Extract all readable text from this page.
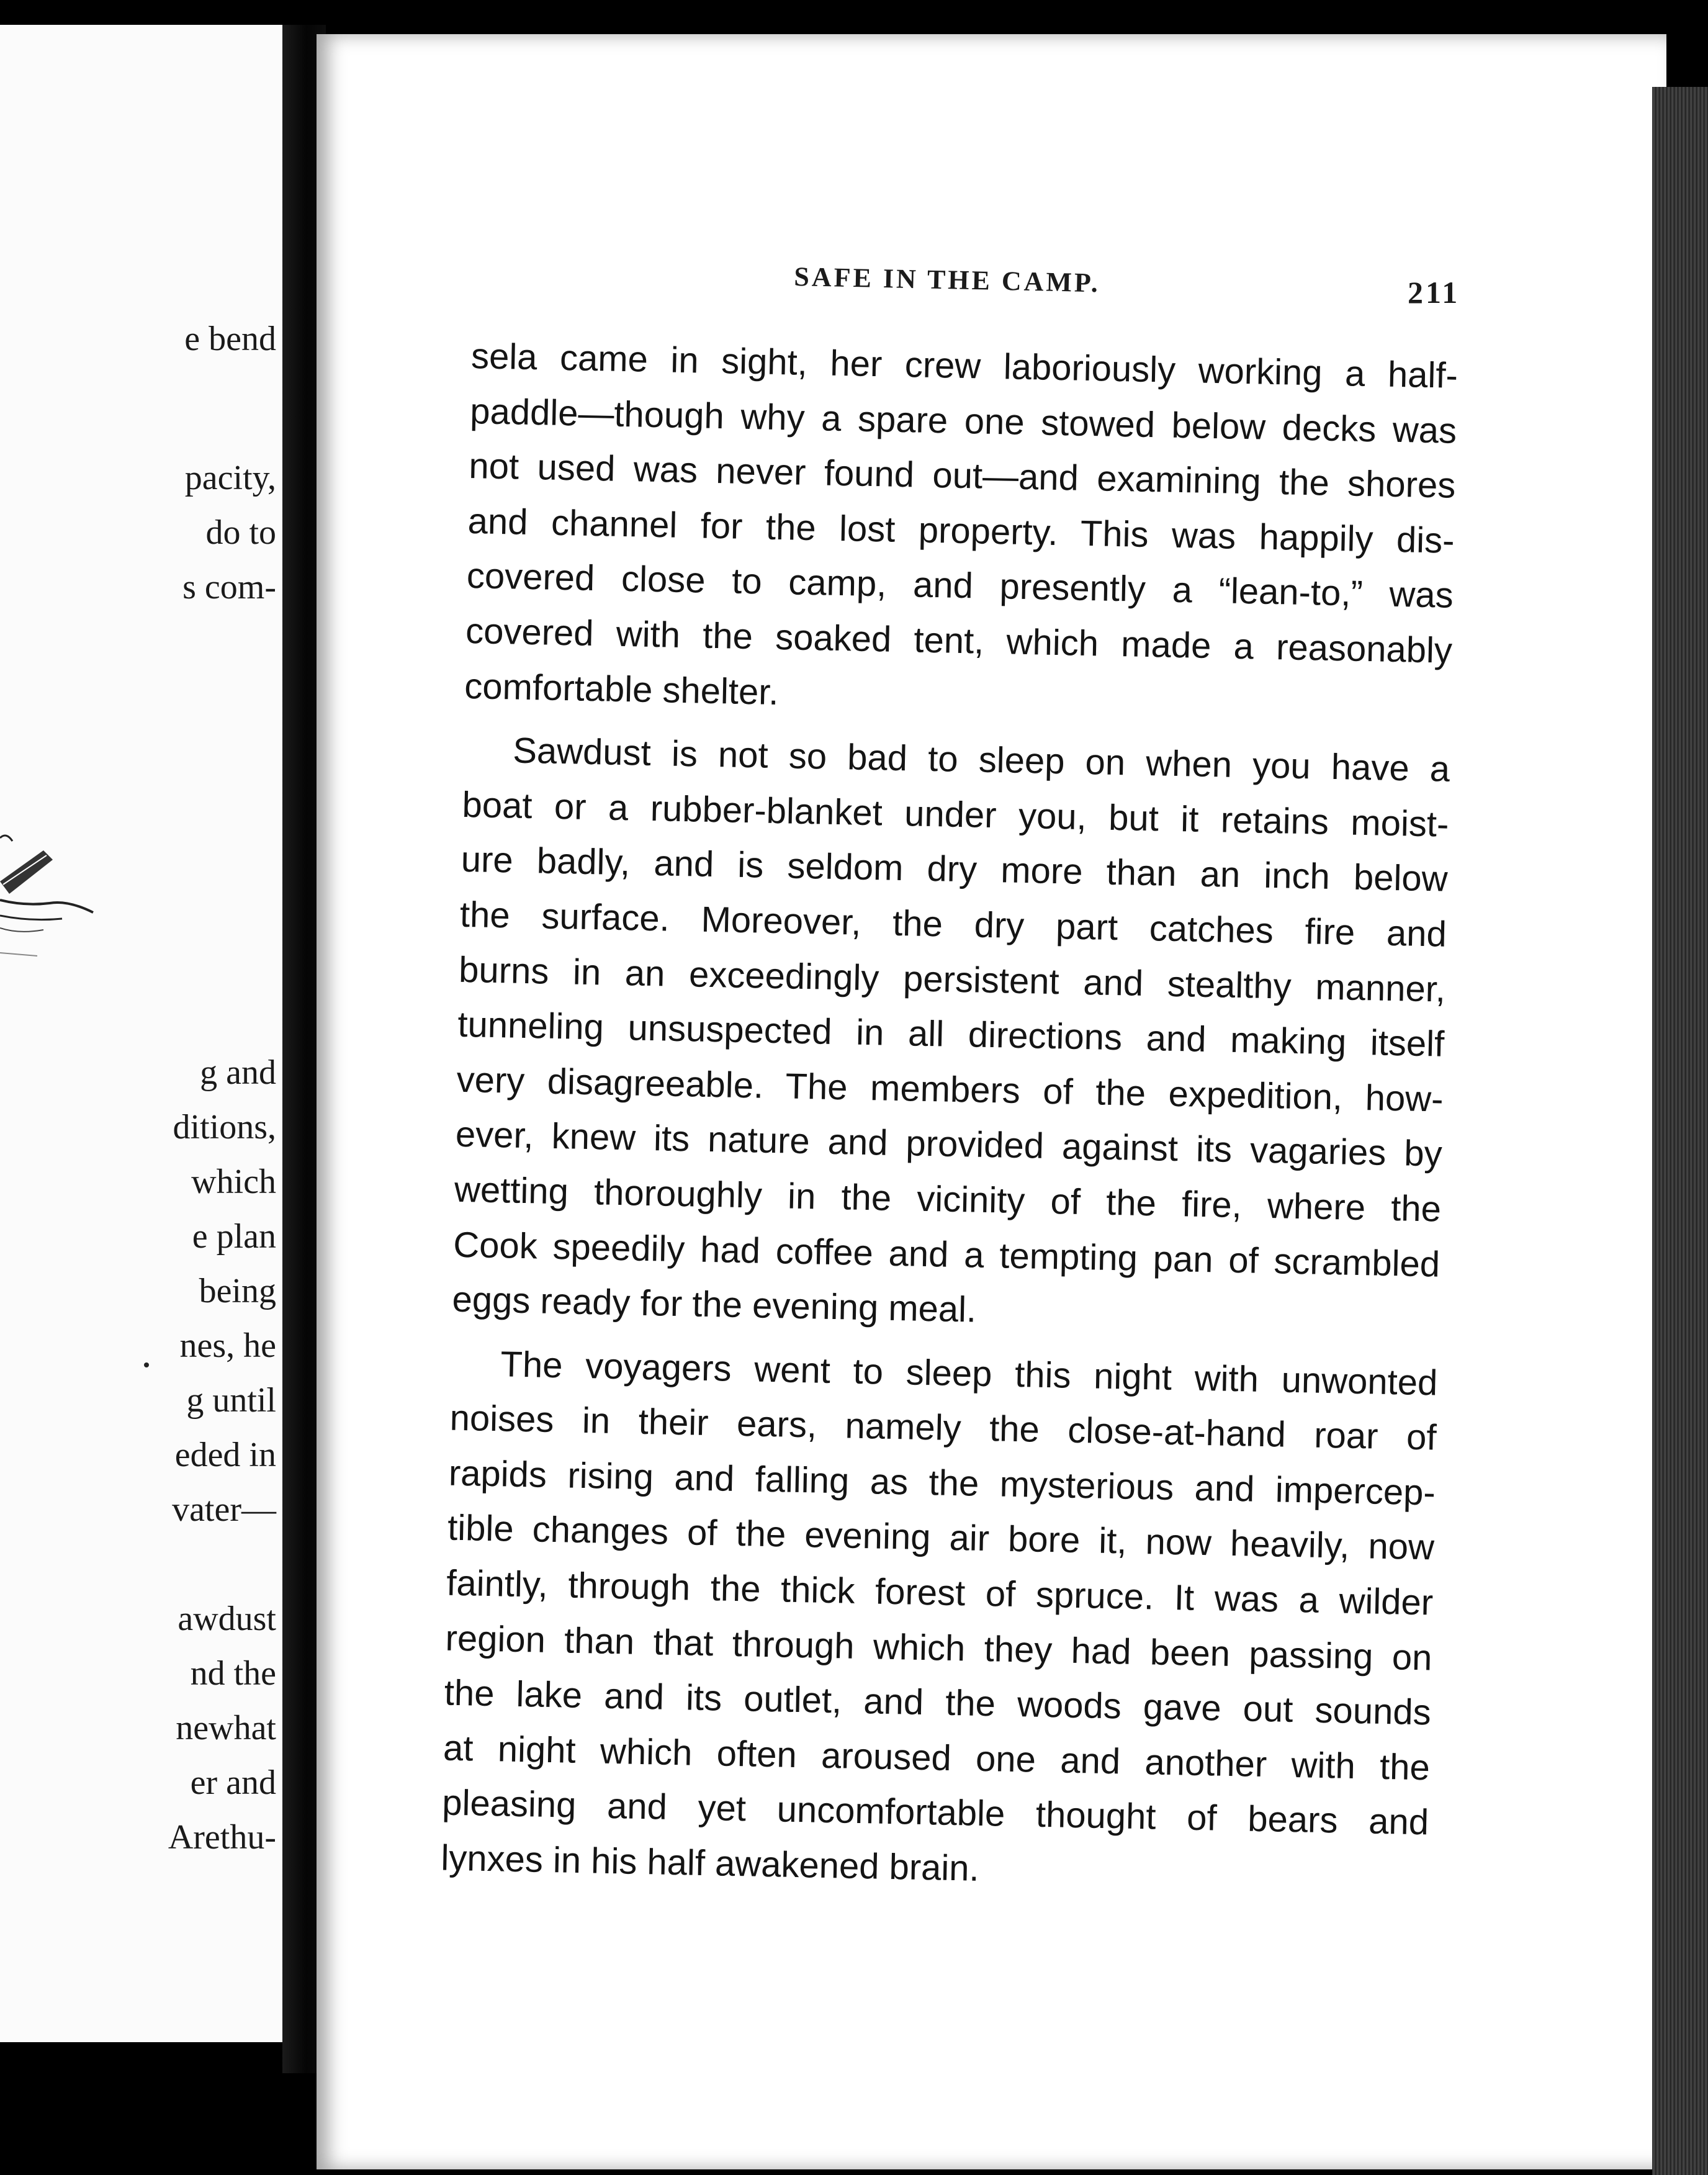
e bend
pacity,
do to
s com-
g and
ditions,
which
e plan
being
nes, he
g until
eded in
vater—
awdust
nd the
newhat
er and
Arethu-
SAFE IN THE CAMP.	211
sela came in sight, her crew laboriously working a half-
paddle—though why a spare one stowed below decks was
not used was never found out—and examining the shores
and channel for the lost property. This was happily dis-
covered close to camp, and presently a “lean-to,” was
covered with the soaked tent, which made a reasonably
comfortable shelter.
Sawdust is not so bad to sleep on when you have a
boat or a rubber-blanket under you, but it retains moist-
ure badly, and is seldom dry more than an inch below
the surface. Moreover, the dry part catches fire and
burns in an exceedingly persistent and stealthy manner,
tunneling unsuspected in all directions and making itself
very disagreeable. The members of the expedition, how-
ever, knew its nature and provided against its vagaries by
wetting thoroughly in the vicinity of the fire, where the
Cook speedily had coffee and a tempting pan of scrambled
eggs ready for the evening meal.
The voyagers went to sleep this night with unwonted
noises in their ears, namely the close-at-hand roar of
rapids rising and falling as the mysterious and impercep-
tible changes of the evening air bore it, now heavily, now
faintly, through the thick forest of spruce. It was a wilder
region than that through which they had been passing on
the lake and its outlet, and the woods gave out sounds
at night which often aroused one and another with the
pleasing and yet uncomfortable thought of bears and
lynxes in his half awakened brain.
